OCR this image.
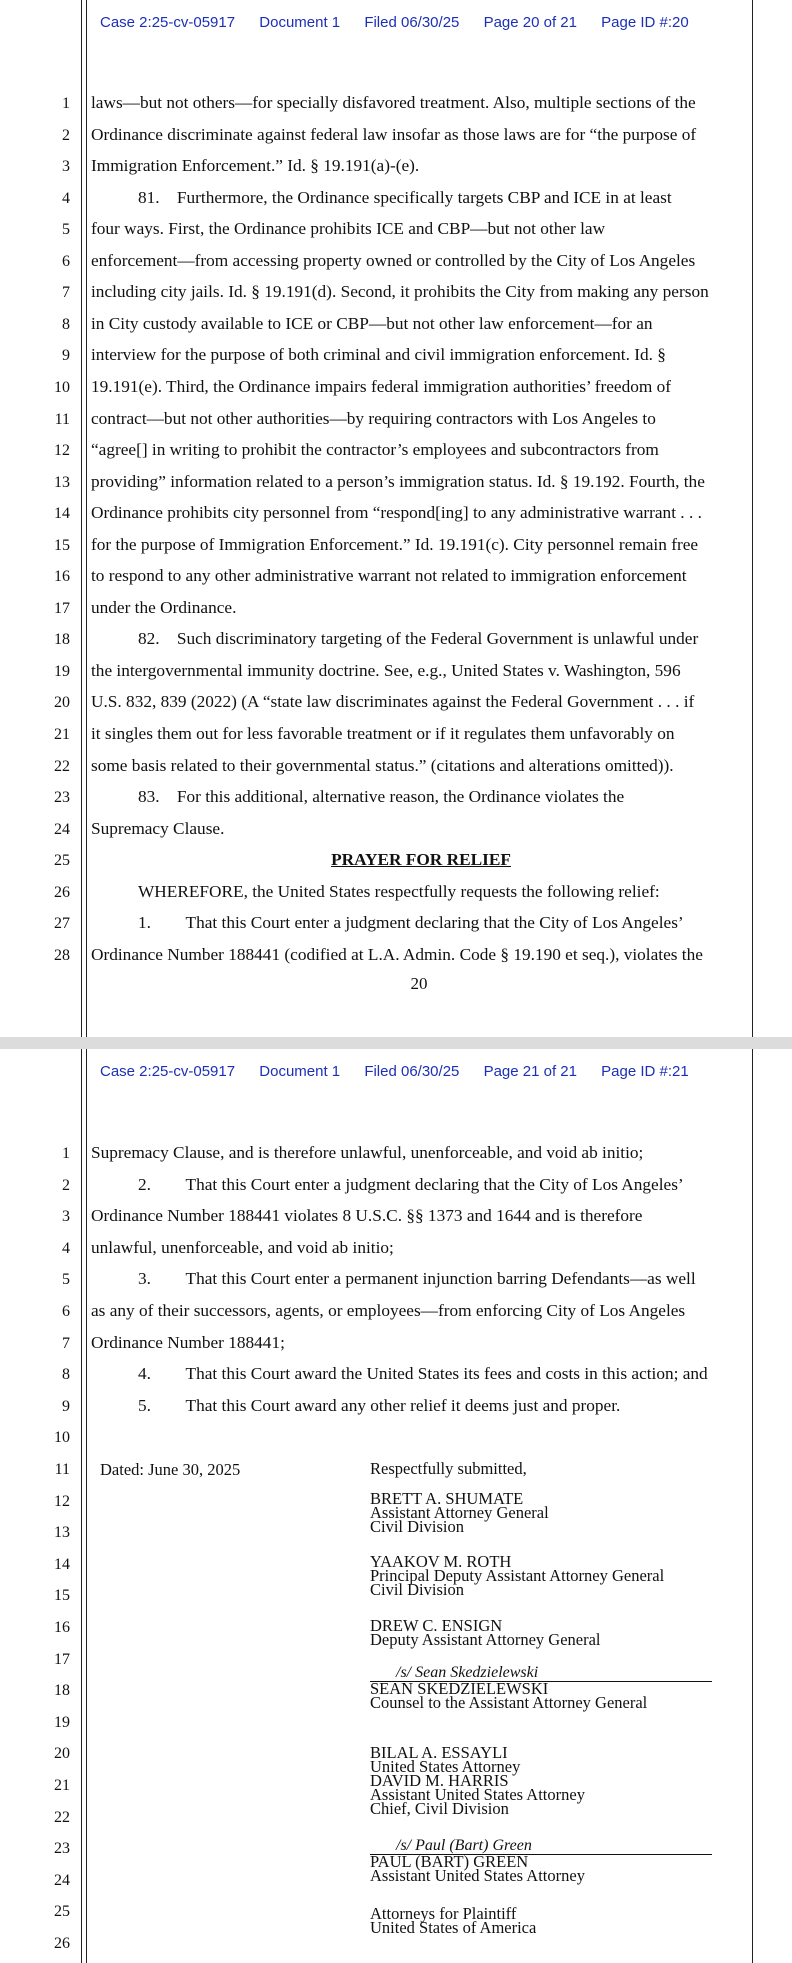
Case 2:25-cv-05917 Document 1 Filed 06/30/25 Page 20 of 21 Page ID #:20
1
2
3
4
5
6
7
8
9
10
11
12
13
14
15
16
17
18
19
20
21
22
23
24
25
26
27
28
laws—but not others—for specially disfavored treatment. Also, multiple sections of the
Ordinance discriminate against federal law insofar as those laws are for “the purpose of
Immigration Enforcement.” Id. § 19.191(a)-(e).
81. Furthermore, the Ordinance specifically targets CBP and ICE in at least
four ways. First, the Ordinance prohibits ICE and CBP—but not other law
enforcement—from accessing property owned or controlled by the City of Los Angeles
including city jails. Id. § 19.191(d). Second, it prohibits the City from making any person
in City custody available to ICE or CBP—but not other law enforcement—for an
interview for the purpose of both criminal and civil immigration enforcement. Id. §
19.191(e). Third, the Ordinance impairs federal immigration authorities’ freedom of
contract—but not other authorities—by requiring contractors with Los Angeles to
“agree[] in writing to prohibit the contractor’s employees and subcontractors from
providing” information related to a person’s immigration status. Id. § 19.192. Fourth, the
Ordinance prohibits city personnel from “respond[ing] to any administrative warrant . . .
for the purpose of Immigration Enforcement.” Id. 19.191(c). City personnel remain free
to respond to any other administrative warrant not related to immigration enforcement
under the Ordinance.
82. Such discriminatory targeting of the Federal Government is unlawful under
the intergovernmental immunity doctrine. See, e.g., United States v. Washington, 596
U.S. 832, 839 (2022) (A “state law discriminates against the Federal Government . . . if
it singles them out for less favorable treatment or if it regulates them unfavorably on
some basis related to their governmental status.” (citations and alterations omitted)).
83. For this additional, alternative reason, the Ordinance violates the
Supremacy Clause.
PRAYER FOR RELIEF
WHEREFORE, the United States respectfully requests the following relief:
1.  That this Court enter a judgment declaring that the City of Los Angeles’
Ordinance Number 188441 (codified at L.A. Admin. Code § 19.190 et seq.), violates the
20
Case 2:25-cv-05917 Document 1 Filed 06/30/25 Page 21 of 21 Page ID #:21
1
2
3
4
5
6
7
8
9
10
11
12
13
14
15
16
17
18
19
20
21
22
23
24
25
26
Supremacy Clause, and is therefore unlawful, unenforceable, and void ab initio;
2.  That this Court enter a judgment declaring that the City of Los Angeles’
Ordinance Number 188441 violates 8 U.S.C. §§ 1373 and 1644 and is therefore
unlawful, unenforceable, and void ab initio;
3.  That this Court enter a permanent injunction barring Defendants—as well
as any of their successors, agents, or employees—from enforcing City of Los Angeles
Ordinance Number 188441;
4.  That this Court award the United States its fees and costs in this action; and
5.  That this Court award any other relief it deems just and proper.
Dated: June 30, 2025	Respectfully submitted,
BRETT A. SHUMATE
Assistant Attorney General
Civil Division
YAAKOV M. ROTH
Principal Deputy Assistant Attorney General
Civil Division
DREW C. ENSIGN
Deputy Assistant Attorney General
/s/ Sean Skedzielewski
SEAN SKEDZIELEWSKI
Counsel to the Assistant Attorney General
BILAL A. ESSAYLI
United States Attorney
DAVID M. HARRIS
Assistant United States Attorney
Chief, Civil Division
/s/ Paul (Bart) Green
PAUL (BART) GREEN
Assistant United States Attorney
Attorneys for Plaintiff
United States of America
